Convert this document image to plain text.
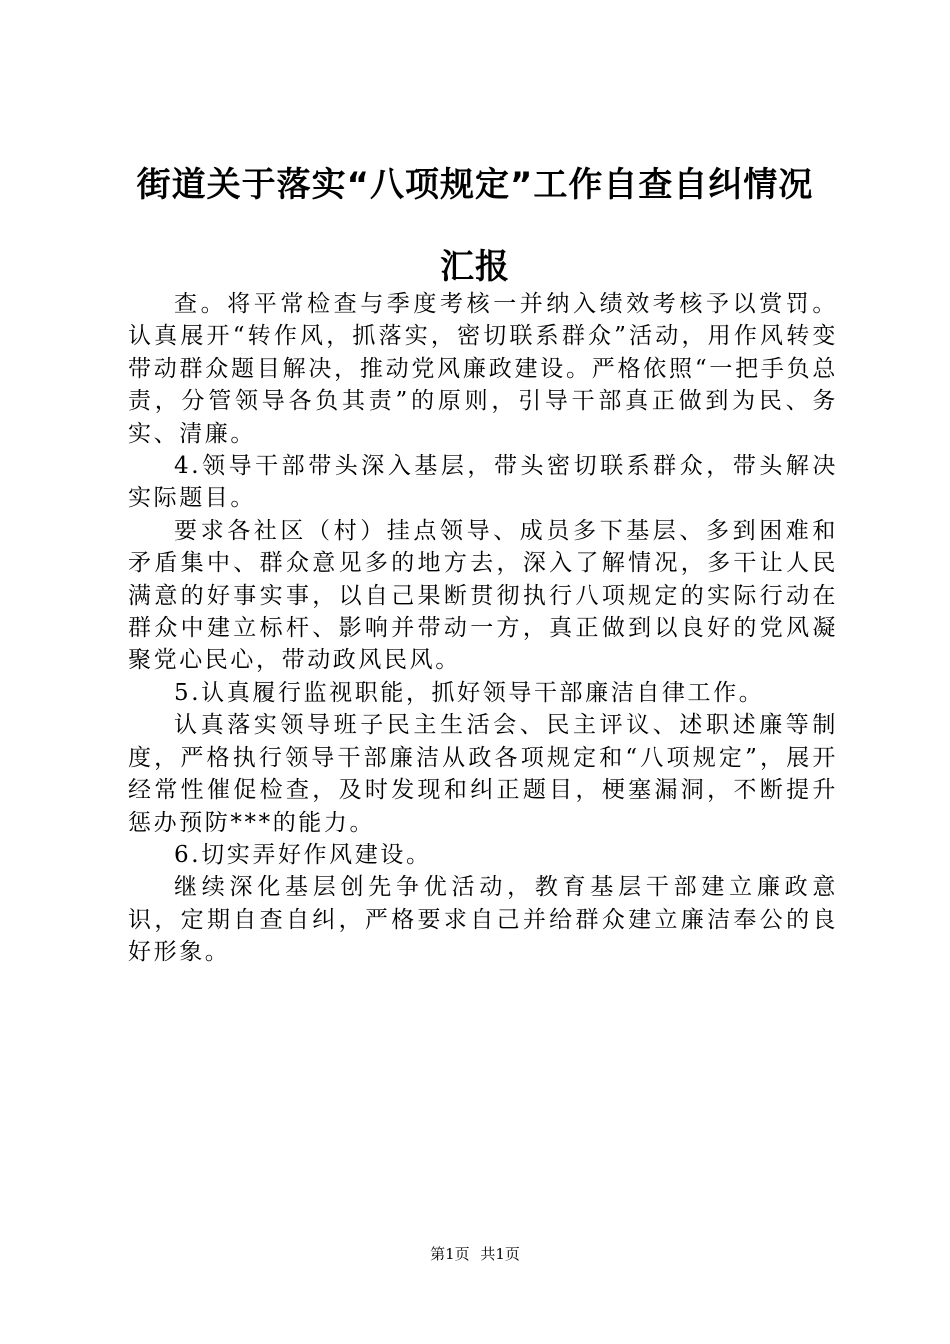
街道关于落实“八项规定”工作自查自纠情况
汇报

查。将平常检查与季度考核一并纳入绩效考核予以赏罚。认真展开“转作风，抓落实，密切联系群众”活动，用作风转变带动群众题目解决，推动党风廉政建设。严格依照“一把手负总责，分管领导各负其责”的原则，引导干部真正做到为民、务实、清廉。

4.领导干部带头深入基层，带头密切联系群众，带头解决实际题目。

要求各社区（村）挂点领导、成员多下基层、多到困难和矛盾集中、群众意见多的地方去，深入了解情况，多干让人民满意的好事实事，以自己果断贯彻执行八项规定的实际行动在群众中建立标杆、影响并带动一方，真正做到以良好的党风凝聚党心民心，带动政风民风。

5.认真履行监视职能，抓好领导干部廉洁自律工作。

认真落实领导班子民主生活会、民主评议、述职述廉等制度，严格执行领导干部廉洁从政各项规定和“八项规定”，展开经常性催促检查，及时发现和纠正题目，梗塞漏洞，不断提升惩办预防***的能力。

6.切实弄好作风建设。

继续深化基层创先争优活动，教育基层干部建立廉政意识，定期自查自纠，严格要求自己并给群众建立廉洁奉公的良好形象。

第1页 共1页
